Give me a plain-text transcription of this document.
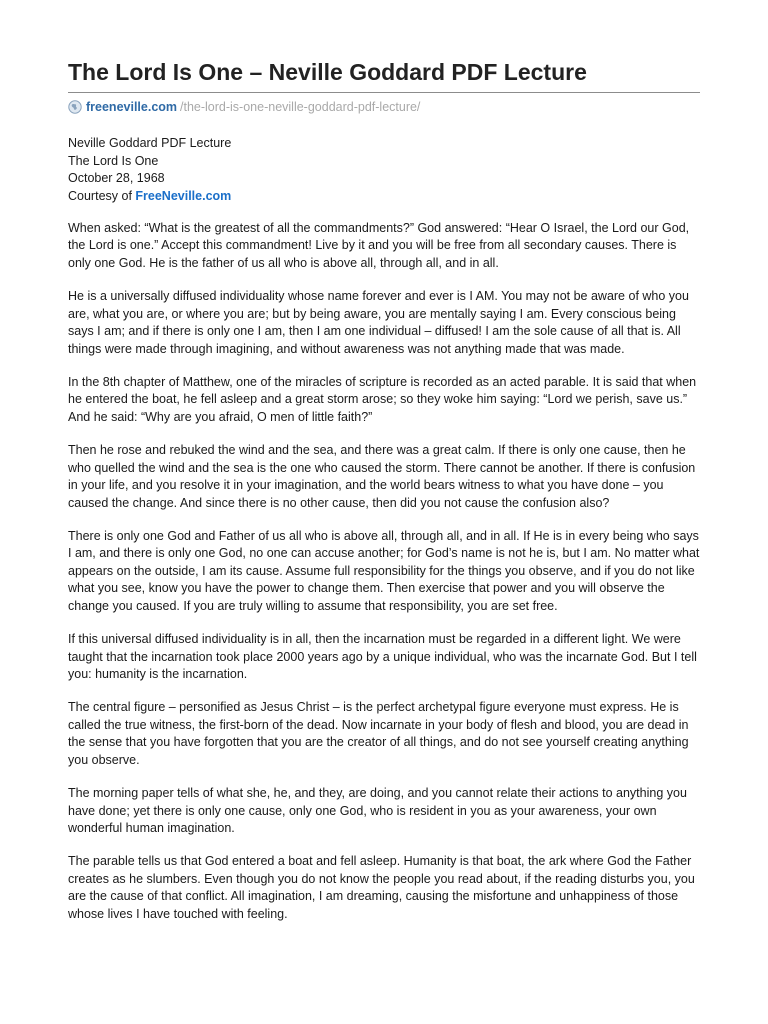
The Lord Is One – Neville Goddard PDF Lecture
freeneville.com /the-lord-is-one-neville-goddard-pdf-lecture/
Neville Goddard PDF Lecture
The Lord Is One
October 28, 1968
Courtesy of FreeNeville.com

When asked: “What is the greatest of all the commandments?” God answered: “Hear O Israel, the Lord our God, the Lord is one.” Accept this commandment! Live by it and you will be free from all secondary causes. There is only one God. He is the father of us all who is above all, through all, and in all.

He is a universally diffused individuality whose name forever and ever is I AM. You may not be aware of who you are, what you are, or where you are; but by being aware, you are mentally saying I am. Every conscious being says I am; and if there is only one I am, then I am one individual – diffused! I am the sole cause of all that is. All things were made through imagining, and without awareness was not anything made that was made.

In the 8th chapter of Matthew, one of the miracles of scripture is recorded as an acted parable. It is said that when he entered the boat, he fell asleep and a great storm arose; so they woke him saying: “Lord we perish, save us.” And he said: “Why are you afraid, O men of little faith?”

Then he rose and rebuked the wind and the sea, and there was a great calm. If there is only one cause, then he who quelled the wind and the sea is the one who caused the storm. There cannot be another. If there is confusion in your life, and you resolve it in your imagination, and the world bears witness to what you have done – you caused the change. And since there is no other cause, then did you not cause the confusion also?

There is only one God and Father of us all who is above all, through all, and in all. If He is in every being who says I am, and there is only one God, no one can accuse another; for God’s name is not he is, but I am. No matter what appears on the outside, I am its cause. Assume full responsibility for the things you observe, and if you do not like what you see, know you have the power to change them. Then exercise that power and you will observe the change you caused. If you are truly willing to assume that responsibility, you are set free.

If this universal diffused individuality is in all, then the incarnation must be regarded in a different light. We were taught that the incarnation took place 2000 years ago by a unique individual, who was the incarnate God. But I tell you: humanity is the incarnation.

The central figure – personified as Jesus Christ – is the perfect archetypal figure everyone must express. He is called the true witness, the first-born of the dead. Now incarnate in your body of flesh and blood, you are dead in the sense that you have forgotten that you are the creator of all things, and do not see yourself creating anything you observe.

The morning paper tells of what she, he, and they, are doing, and you cannot relate their actions to anything you have done; yet there is only one cause, only one God, who is resident in you as your awareness, your own wonderful human imagination.

The parable tells us that God entered a boat and fell asleep. Humanity is that boat, the ark where God the Father creates as he slumbers. Even though you do not know the people you read about, if the reading disturbs you, you are the cause of that conflict. All imagination, I am dreaming, causing the misfortune and unhappiness of those whose lives I have touched with feeling.
